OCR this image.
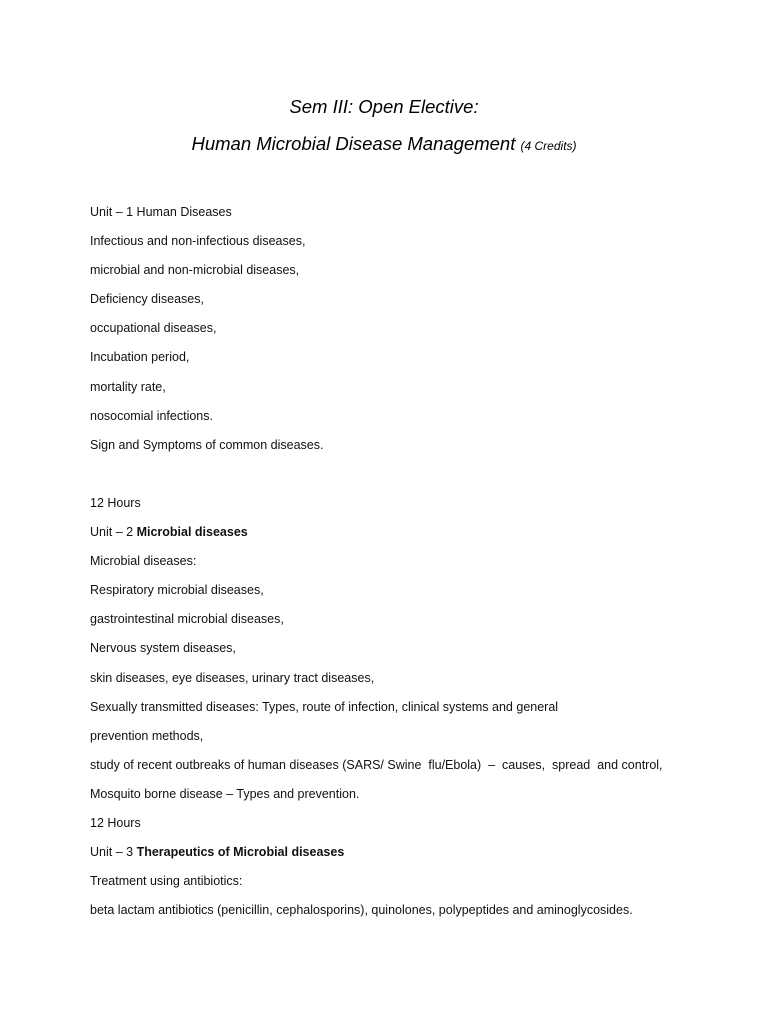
Sem III: Open Elective:
Human Microbial Disease Management (4 Credits)
Unit – 1 Human Diseases
Infectious and non-infectious diseases,
microbial and non-microbial diseases,
Deficiency diseases,
occupational diseases,
Incubation period,
mortality rate,
nosocomial infections.
Sign and Symptoms of common diseases.
12 Hours
Unit – 2 Microbial diseases
Microbial diseases:
Respiratory microbial diseases,
gastrointestinal microbial diseases,
Nervous system diseases,
skin diseases, eye diseases, urinary tract diseases,
Sexually transmitted diseases: Types, route of infection, clinical systems and general
prevention methods,
study of recent outbreaks of human diseases (SARS/ Swine  flu/Ebola)  –  causes,  spread  and control,
Mosquito borne disease – Types and prevention.
12 Hours
Unit – 3 Therapeutics of Microbial diseases
Treatment using antibiotics:
beta lactam antibiotics (penicillin, cephalosporins), quinolones, polypeptides and aminoglycosides.
